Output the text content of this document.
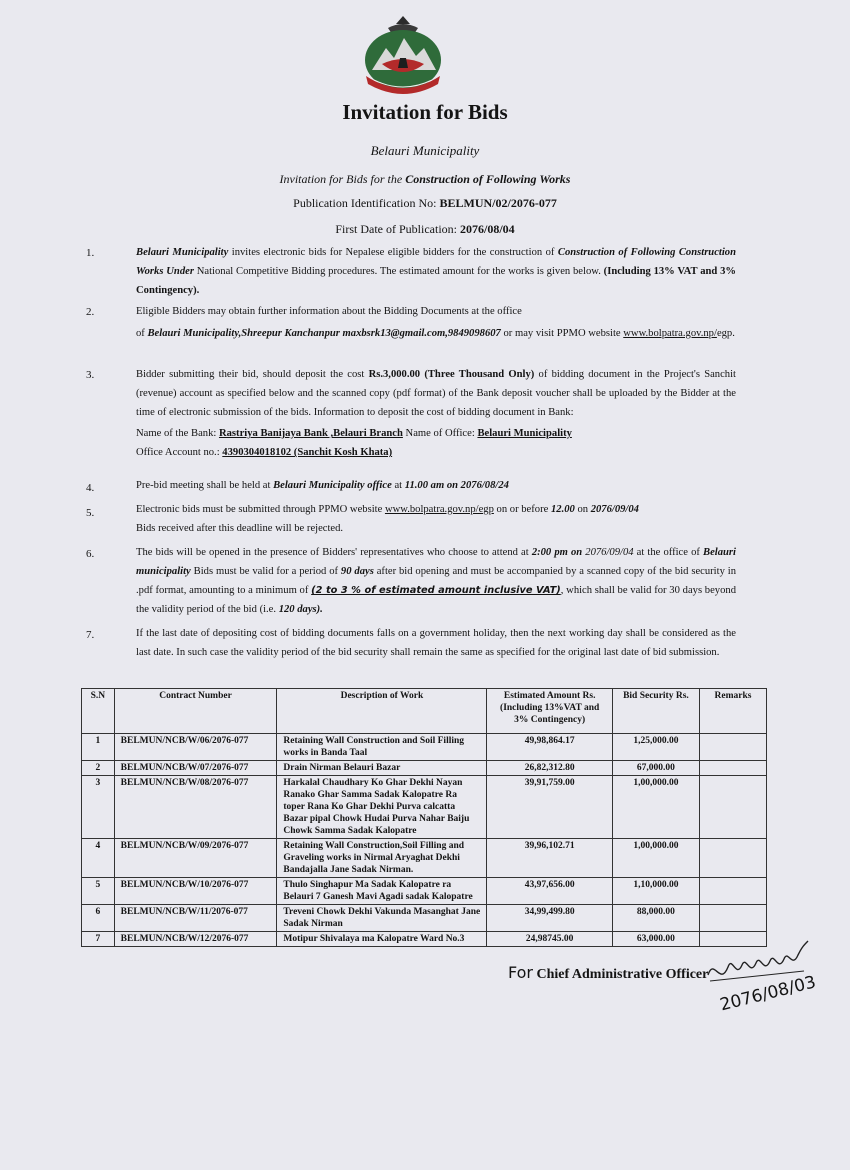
Invitation for Bids
Belauri Municipality
Invitation for Bids for the Construction of Following Works
Publication Identification No: BELMUN/02/2076-077
First Date of Publication: 2076/08/04
1.	Belauri Municipality invites electronic bids for Nepalese eligible bidders for the construction of Construction of Following Construction Works Under National Competitive Bidding procedures. The estimated amount for the works is given below. (Including 13% VAT and 3% Contingency).
2.	Eligible Bidders may obtain further information about the Bidding Documents at the office
of Belauri Municipality,Shreepur Kanchanpur maxbsrk13@gmail.com,9849098607 or may visit PPMO website www.bolpatra.gov.np/egp.
3.	Bidder submitting their bid, should deposit the cost Rs.3,000.00 (Three Thousand Only) of bidding document in the Project's Sanchit (revenue) account as specified below and the scanned copy (pdf format) of the Bank deposit voucher shall be uploaded by the Bidder at the time of electronic submission of the bids. Information to deposit the cost of bidding document in Bank:
Name of the Bank: Rastriya Banijaya Bank ,Belauri Branch Name of Office: Belauri Municipality
Office Account no.: 4390304018102 (Sanchit Kosh Khata)
4.	Pre-bid meeting shall be held at Belauri Municipality office at 11.00 am on 2076/08/24
5.	Electronic bids must be submitted through PPMO website www.bolpatra.gov.np/egp on or before 12.00 on 2076/09/04
Bids received after this deadline will be rejected.
6.	The bids will be opened in the presence of Bidders' representatives who choose to attend at 2:00 pm on 2076/09/04 at the office of Belauri municipality Bids must be valid for a period of 90 days after bid opening and must be accompanied by a scanned copy of the bid security in .pdf format, amounting to a minimum of (2 to 3 % of estimated amount inclusive VAT), which shall be valid for 30 days beyond the validity period of the bid (i.e. 120 days).
7.	If the last date of depositing cost of bidding documents falls on a government holiday, then the next working day shall be considered as the last date. In such case the validity period of the bid security shall remain the same as specified for the original last date of bid submission.
S.N	Contract Number	Description of Work	Estimated Amount Rs.(Including 13%VAT and 3% Contingency)	Bid Security Rs.	Remarks
1	BELMUN/NCB/W/06/2076-077	Retaining Wall Construction and Soil Filling works in Banda Taal	49,98,864.17	1,25,000.00	
2	BELMUN/NCB/W/07/2076-077	Drain Nirman Belauri Bazar	26,82,312.80	67,000.00	
3	BELMUN/NCB/W/08/2076-077	Harkalal Chaudhary Ko Ghar Dekhi Nayan Ranako Ghar Samma Sadak Kalopatre Ra toper Rana Ko Ghar Dekhi Purva calcatta Bazar pipal Chowk Hudai Purva Nahar Baiju Chowk Samma Sadak Kalopatre	39,91,759.00	1,00,000.00	
4	BELMUN/NCB/W/09/2076-077	Retaining Wall Construction,Soil Filling and Graveling works in Nirmal Aryaghat Dekhi Bandajalla Jane Sadak Nirman.	39,96,102.71	1,00,000.00	
5	BELMUN/NCB/W/10/2076-077	Thulo Singhapur Ma Sadak Kalopatre ra Belauri 7 Ganesh Mavi Agadi sadak Kalopatre	43,97,656.00	1,10,000.00	
6	BELMUN/NCB/W/11/2076-077	Treveni Chowk Dekhi Vakunda Masanghat Jane Sadak Nirman	34,99,499.80	88,000.00	
7	BELMUN/NCB/W/12/2076-077	Motipur Shivalaya ma Kalopatre Ward No.3	24,98745.00	63,000.00	
For Chief Administrative Officer 2076/08/03
